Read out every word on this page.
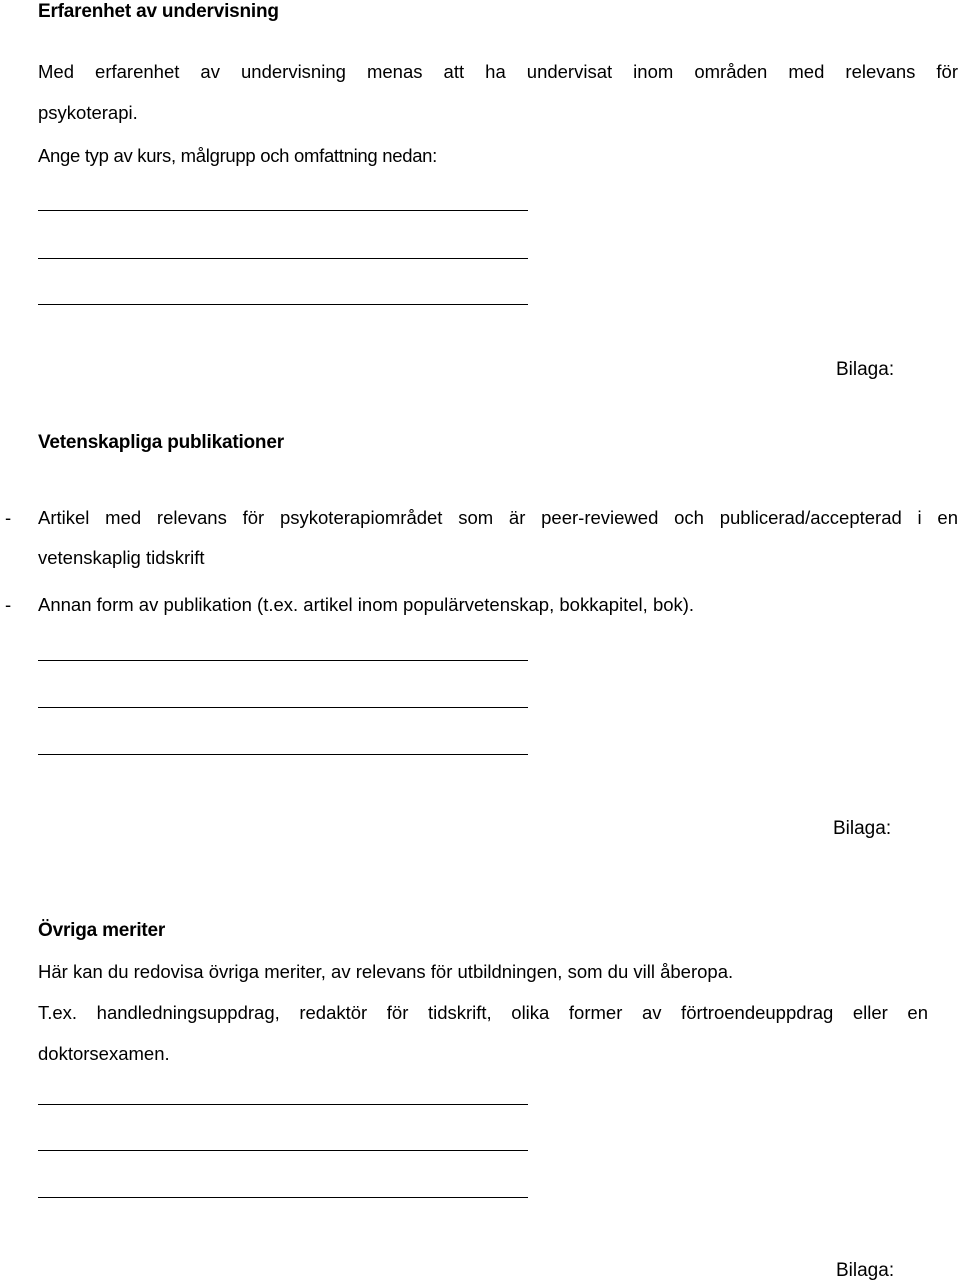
Erfarenhet av undervisning

Med erfarenhet av undervisning menas att ha undervisat inom områden med relevans för

psykoterapi.

Ange typ av kurs, målgrupp och omfattning nedan:

Bilaga:

Vetenskapliga publikationer

- Artikel med relevans för psykoterapiområdet som är peer-reviewed och publicerad/accepterad i en

vetenskaplig tidskrift

- Annan form av publikation (t.ex. artikel inom populärvetenskap, bokkapitel, bok).

Bilaga:

Övriga meriter

Här kan du redovisa övriga meriter, av relevans för utbildningen, som du vill åberopa.

T.ex. handledningsuppdrag, redaktör för tidskrift, olika former av förtroendeuppdrag eller en

doktorsexamen.

Bilaga:
